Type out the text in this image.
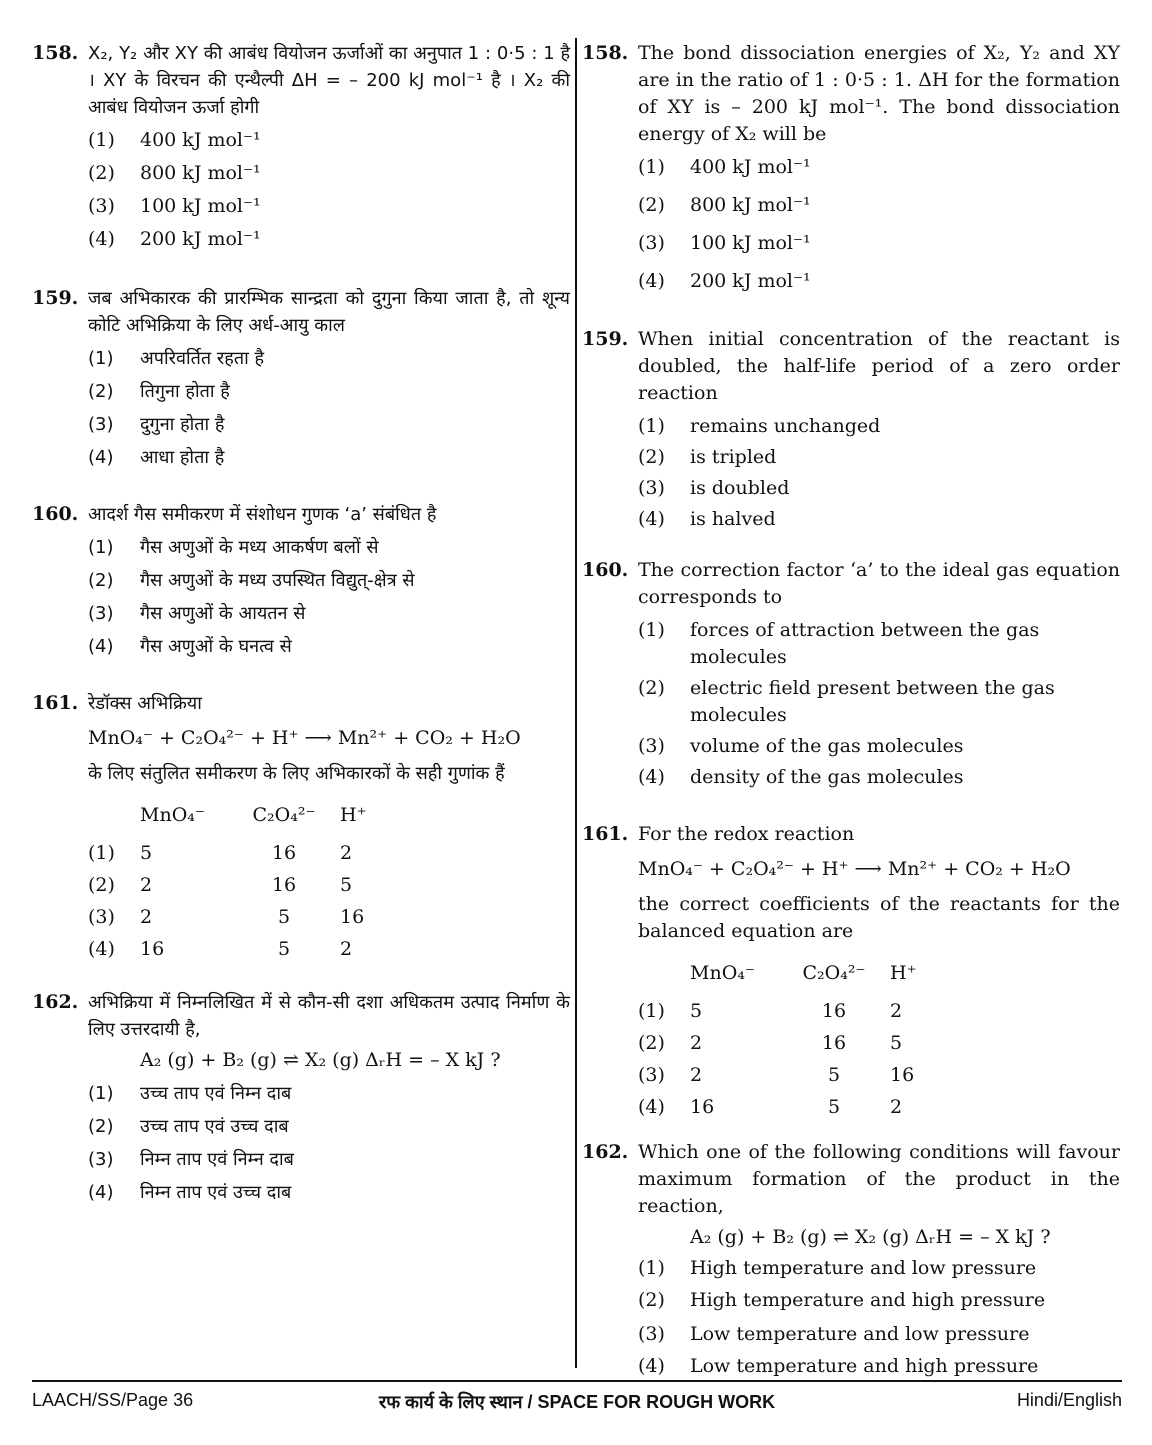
158. X₂, Y₂ और XY की आबंध वियोजन ऊर्जाओं का अनुपात 1 : 0·5 : 1 है । XY के विरचन की एन्थैल्पी ΔH = – 200 kJ mol⁻¹ है । X₂ की आबंध वियोजन ऊर्जा होगी
(1)	400 kJ mol⁻¹
(2)	800 kJ mol⁻¹
(3)	100 kJ mol⁻¹
(4)	200 kJ mol⁻¹
159. जब अभिकारक की प्रारम्भिक सान्द्रता को दुगुना किया जाता है, तो शून्य कोटि अभिक्रिया के लिए अर्ध-आयु काल
(1)	अपरिवर्तित रहता है
(2)	तिगुना होता है
(3)	दुगुना होता है
(4)	आधा होता है
160. आदर्श गैस समीकरण में संशोधन गुणक ‘a’ संबंधित है
(1)	गैस अणुओं के मध्य आकर्षण बलों से
(2)	गैस अणुओं के मध्य उपस्थित विद्युत्-क्षेत्र से
(3)	गैस अणुओं के आयतन से
(4)	गैस अणुओं के घनत्व से
161. रेडॉक्स अभिक्रिया
MnO₄⁻ + C₂O₄²⁻ + H⁺ ⟶ Mn²⁺ + CO₂ + H₂O
के लिए संतुलित समीकरण के लिए अभिकारकों के सही गुणांक हैं
	MnO₄⁻	C₂O₄²⁻	H⁺
(1)	5	16	2
(2)	2	16	5
(3)	2	5	16
(4)	16	5	2
162. अभिक्रिया में निम्नलिखित में से कौन-सी दशा अधिकतम उत्पाद निर्माण के लिए उत्तरदायी है,
A₂ (g) + B₂ (g) ⇌ X₂ (g) ΔᵣH = – X kJ ?
(1)	उच्च ताप एवं निम्न दाब
(2)	उच्च ताप एवं उच्च दाब
(3)	निम्न ताप एवं निम्न दाब
(4)	निम्न ताप एवं उच्च दाब
158. The bond dissociation energies of X₂, Y₂ and XY are in the ratio of 1 : 0·5 : 1. ΔH for the formation of XY is – 200 kJ mol⁻¹. The bond dissociation energy of X₂ will be
(1)	400 kJ mol⁻¹
(2)	800 kJ mol⁻¹
(3)	100 kJ mol⁻¹
(4)	200 kJ mol⁻¹
159. When initial concentration of the reactant is doubled, the half-life period of a zero order reaction
(1)	remains unchanged
(2)	is tripled
(3)	is doubled
(4)	is halved
160. The correction factor ‘a’ to the ideal gas equation corresponds to
(1)	forces of attraction between the gas molecules
(2)	electric field present between the gas molecules
(3)	volume of the gas molecules
(4)	density of the gas molecules
161. For the redox reaction
MnO₄⁻ + C₂O₄²⁻ + H⁺ ⟶ Mn²⁺ + CO₂ + H₂O
the correct coefficients of the reactants for the balanced equation are
	MnO₄⁻	C₂O₄²⁻	H⁺
(1)	5	16	2
(2)	2	16	5
(3)	2	5	16
(4)	16	5	2
162. Which one of the following conditions will favour maximum formation of the product in the reaction,
A₂ (g) + B₂ (g) ⇌ X₂ (g) ΔᵣH = – X kJ ?
(1)	High temperature and low pressure
(2)	High temperature and high pressure
(3)	Low temperature and low pressure
(4)	Low temperature and high pressure
LAACH/SS/Page 36	रफ कार्य के लिए स्थान / SPACE FOR ROUGH WORK	Hindi/English
